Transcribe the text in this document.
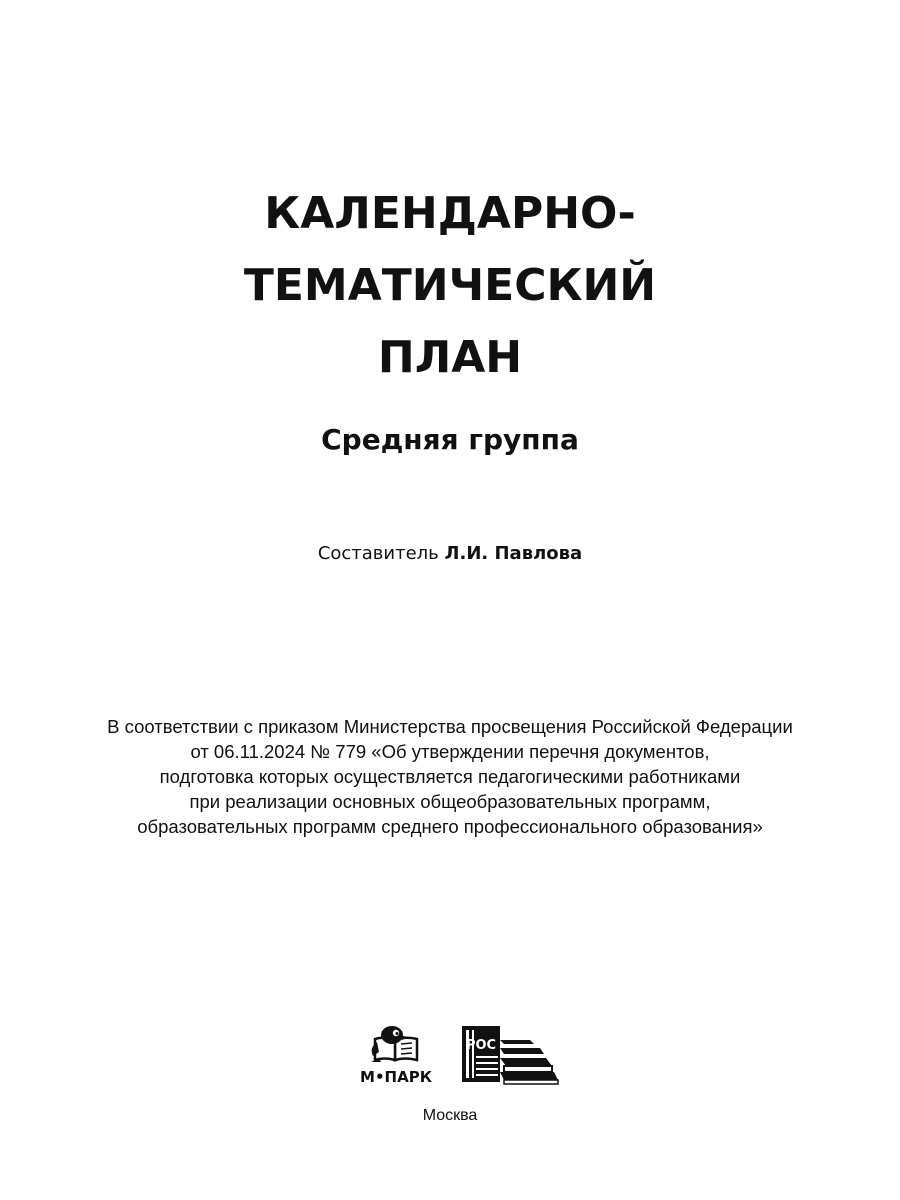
КАЛЕНДАРНО-
ТЕМАТИЧЕСКИЙ
ПЛАН
Средняя группа
Составитель Л.И. Павлова
В соответствии с приказом Министерства просвещения Российской Федерации
от 06.11.2024 № 779 «Об утверждении перечня документов,
подготовка которых осуществляется педагогическими работниками
при реализации основных общеобразовательных программ,
образовательных программ среднего профессионального образования»
М•ПАРК
РОС
Москва
